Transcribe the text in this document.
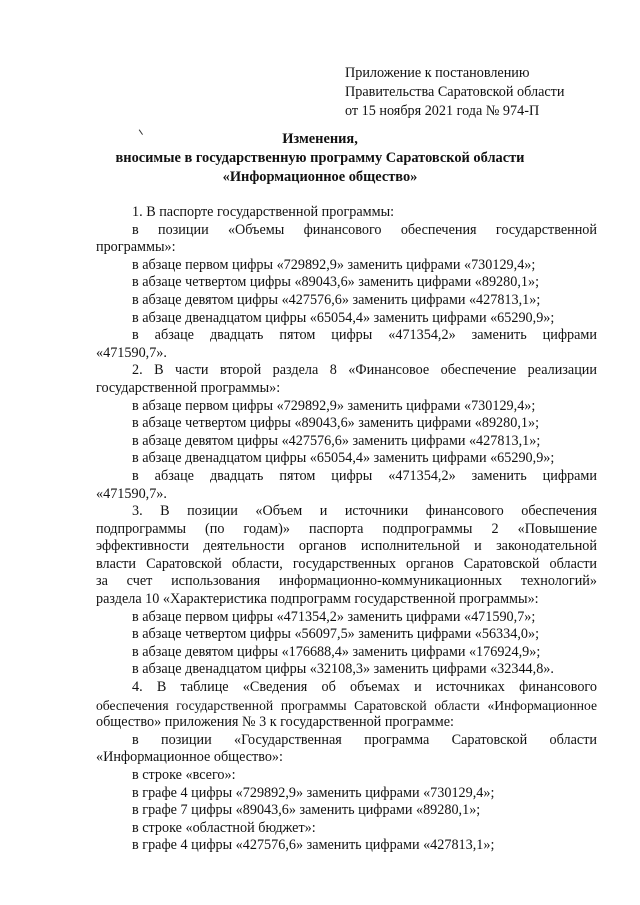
Приложение к постановлению
Правительства Саратовской области
от 15 ноября 2021 года № 974-П
Изменения,
вносимые в государственную программу Саратовской области
«Информационное общество»

1. В паспорте государственной программы:

в позиции «Объемы финансового обеспечения государственной

программы»:

в абзаце первом цифры «729892,9» заменить цифрами «730129,4»;

в абзаце четвертом цифры «89043,6» заменить цифрами «89280,1»;

в абзаце девятом цифры «427576,6» заменить цифрами «427813,1»;

в абзаце двенадцатом цифры «65054,4» заменить цифрами «65290,9»;

в абзаце двадцать пятом цифры «471354,2» заменить цифрами

«471590,7».

2. В части второй раздела 8 «Финансовое обеспечение реализации

государственной программы»:

в абзаце первом цифры «729892,9» заменить цифрами «730129,4»;

в абзаце четвертом цифры «89043,6» заменить цифрами «89280,1»;

в абзаце девятом цифры «427576,6» заменить цифрами «427813,1»;

в абзаце двенадцатом цифры «65054,4» заменить цифрами «65290,9»;

в абзаце двадцать пятом цифры «471354,2» заменить цифрами

«471590,7».

3. В позиции «Объем и источники финансового обеспечения

подпрограммы (по годам)» паспорта подпрограммы 2 «Повышение

эффективности деятельности органов исполнительной и законодательной

власти Саратовской области, государственных органов Саратовской области

за счет использования информационно-коммуникационных технологий»

раздела 10 «Характеристика подпрограмм государственной программы»:

в абзаце первом цифры «471354,2» заменить цифрами «471590,7»;

в абзаце четвертом цифры «56097,5» заменить цифрами «56334,0»;

в абзаце девятом цифры «176688,4» заменить цифрами «176924,9»;

в абзаце двенадцатом цифры «32108,3» заменить цифрами «32344,8».

4. В таблице «Сведения об объемах и источниках финансового

обеспечения государственной программы Саратовской области «Информационное

общество» приложения № 3 к государственной программе:

в позиции «Государственная программа Саратовской области

«Информационное общество»:

в строке «всего»:

в графе 4 цифры «729892,9» заменить цифрами «730129,4»;

в графе 7 цифры «89043,6» заменить цифрами «89280,1»;

в строке «областной бюджет»:

в графе 4 цифры «427576,6» заменить цифрами «427813,1»;
